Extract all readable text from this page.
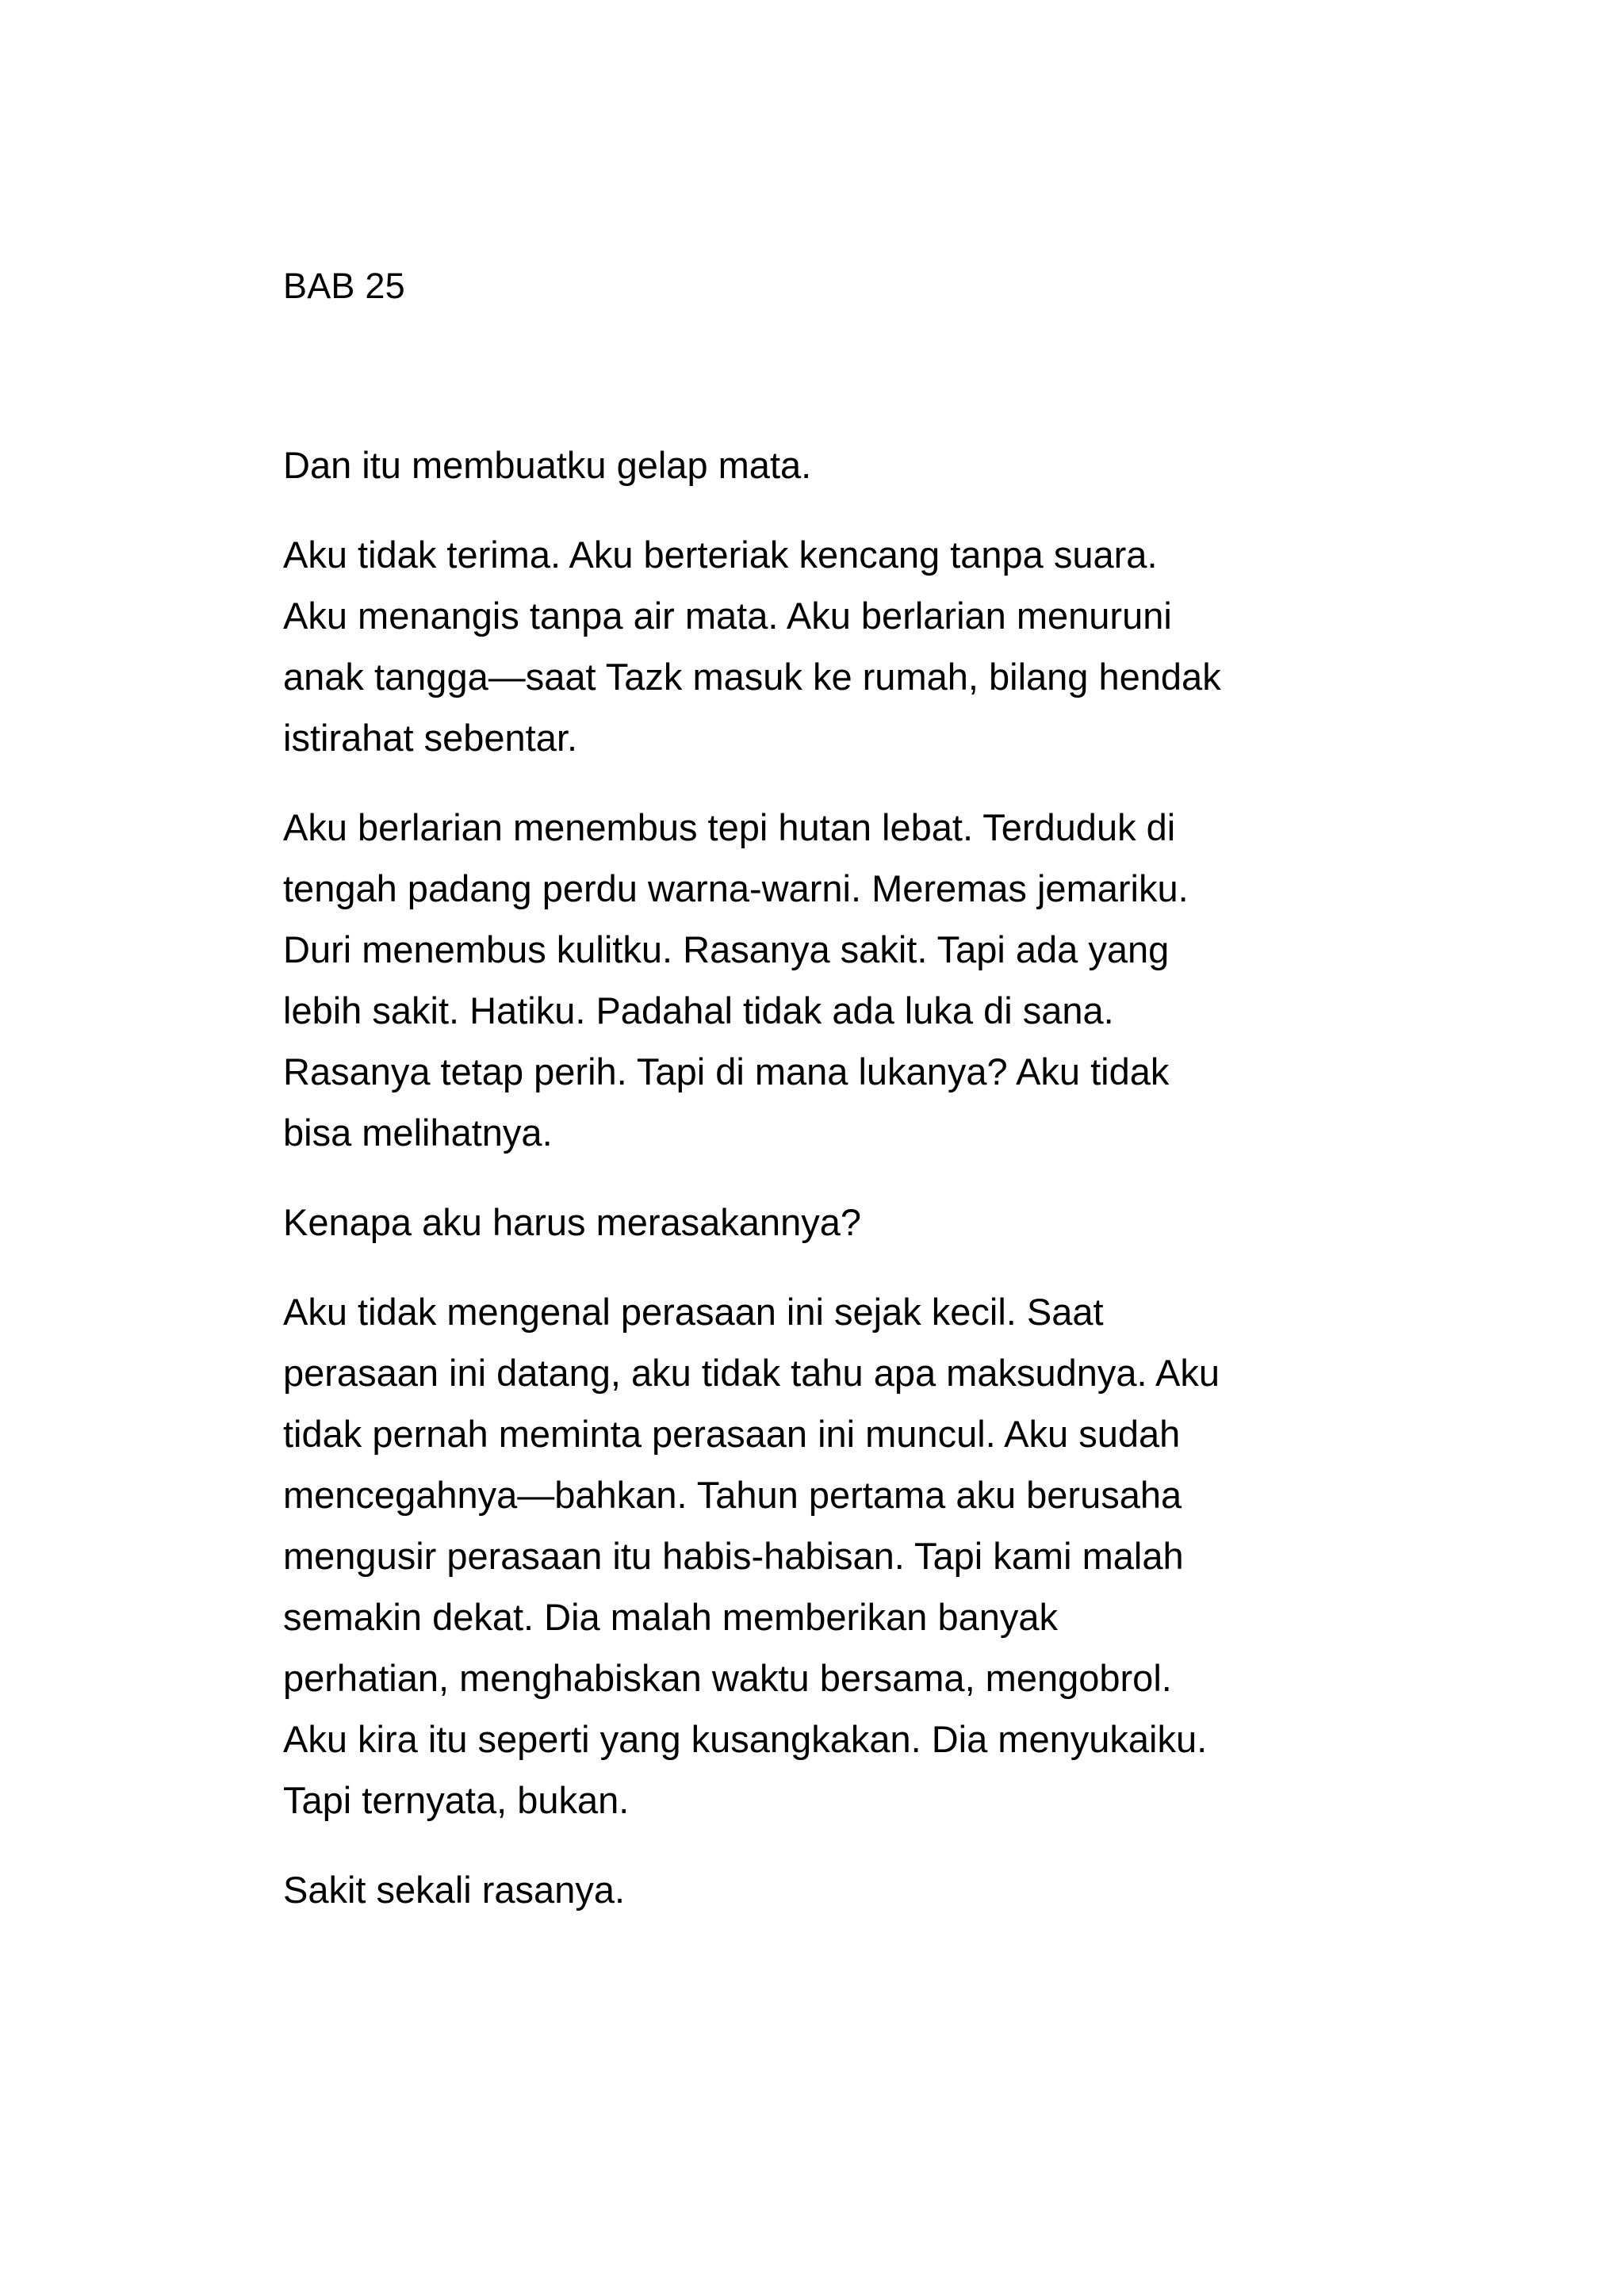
BAB 25

Dan itu membuatku gelap mata.

Aku tidak terima. Aku berteriak kencang tanpa suara.
Aku menangis tanpa air mata. Aku berlarian menuruni
anak tangga—saat Tazk masuk ke rumah, bilang hendak
istirahat sebentar.

Aku berlarian menembus tepi hutan lebat. Terduduk di
tengah padang perdu warna-warni. Meremas jemariku.
Duri menembus kulitku. Rasanya sakit. Tapi ada yang
lebih sakit. Hatiku. Padahal tidak ada luka di sana.
Rasanya tetap perih. Tapi di mana lukanya? Aku tidak
bisa melihatnya.

Kenapa aku harus merasakannya?

Aku tidak mengenal perasaan ini sejak kecil. Saat
perasaan ini datang, aku tidak tahu apa maksudnya. Aku
tidak pernah meminta perasaan ini muncul. Aku sudah
mencegahnya—bahkan. Tahun pertama aku berusaha
mengusir perasaan itu habis-habisan. Tapi kami malah
semakin dekat. Dia malah memberikan banyak
perhatian, menghabiskan waktu bersama, mengobrol.
Aku kira itu seperti yang kusangkakan. Dia menyukaiku.
Tapi ternyata, bukan.

Sakit sekali rasanya.
